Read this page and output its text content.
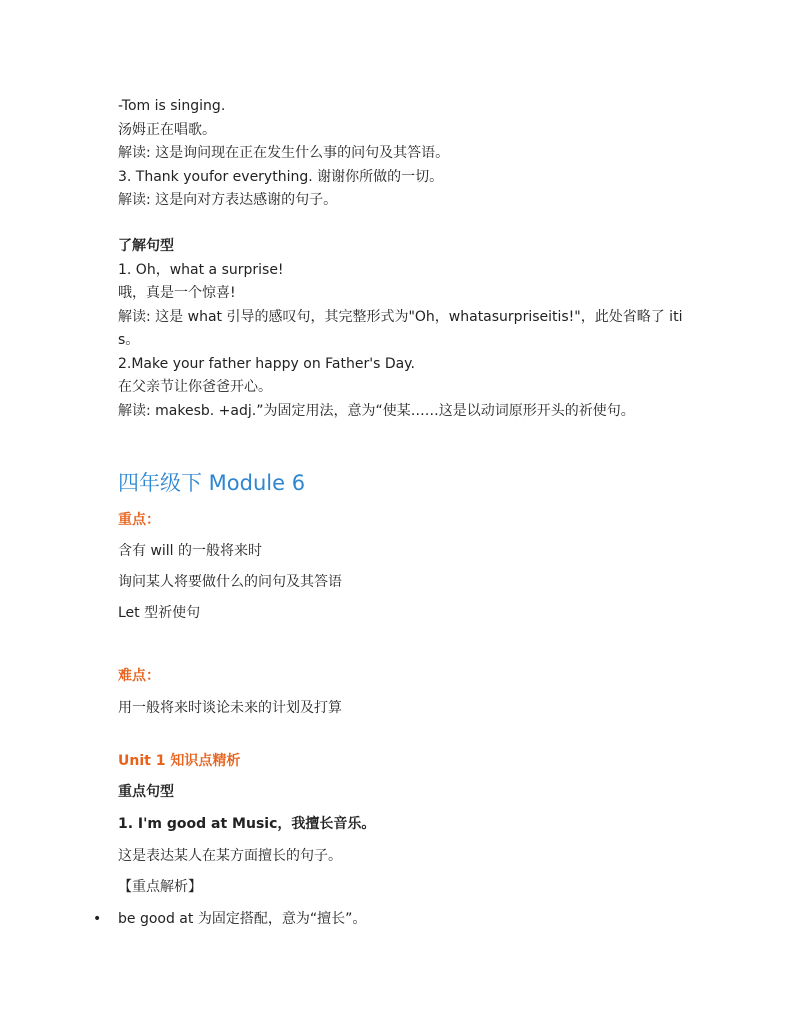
-Tom is singing.
汤姆正在唱歌。
解读: 这是询问现在正在发生什么事的问句及其答语。
3. Thank youfor everything. 谢谢你所做的一切。
解读: 这是向对方表达感谢的句子。
了解句型
1. Oh，what a surprise!
哦，真是一个惊喜!
解读: 这是 what 引导的感叹句，其完整形式为"Oh，whatasurpriseitis!"，此处省略了 itis。
2.Make your father happy on Father's Day.
在父亲节让你爸爸开心。
解读: makesb. +adj.”为固定用法，意为“使某……这是以动词原形开头的祈使句。
四年级下 Module 6
重点：
含有 will 的一般将来时
询问某人将要做什么的问句及其答语
Let 型祈使句
难点：
用一般将来时谈论未来的计划及打算
Unit 1 知识点精析
重点句型
1. I'm good at Music，我擅长音乐。
这是表达某人在某方面擅长的句子。
【重点解析】
• be good at 为固定搭配，意为“擅长”。
